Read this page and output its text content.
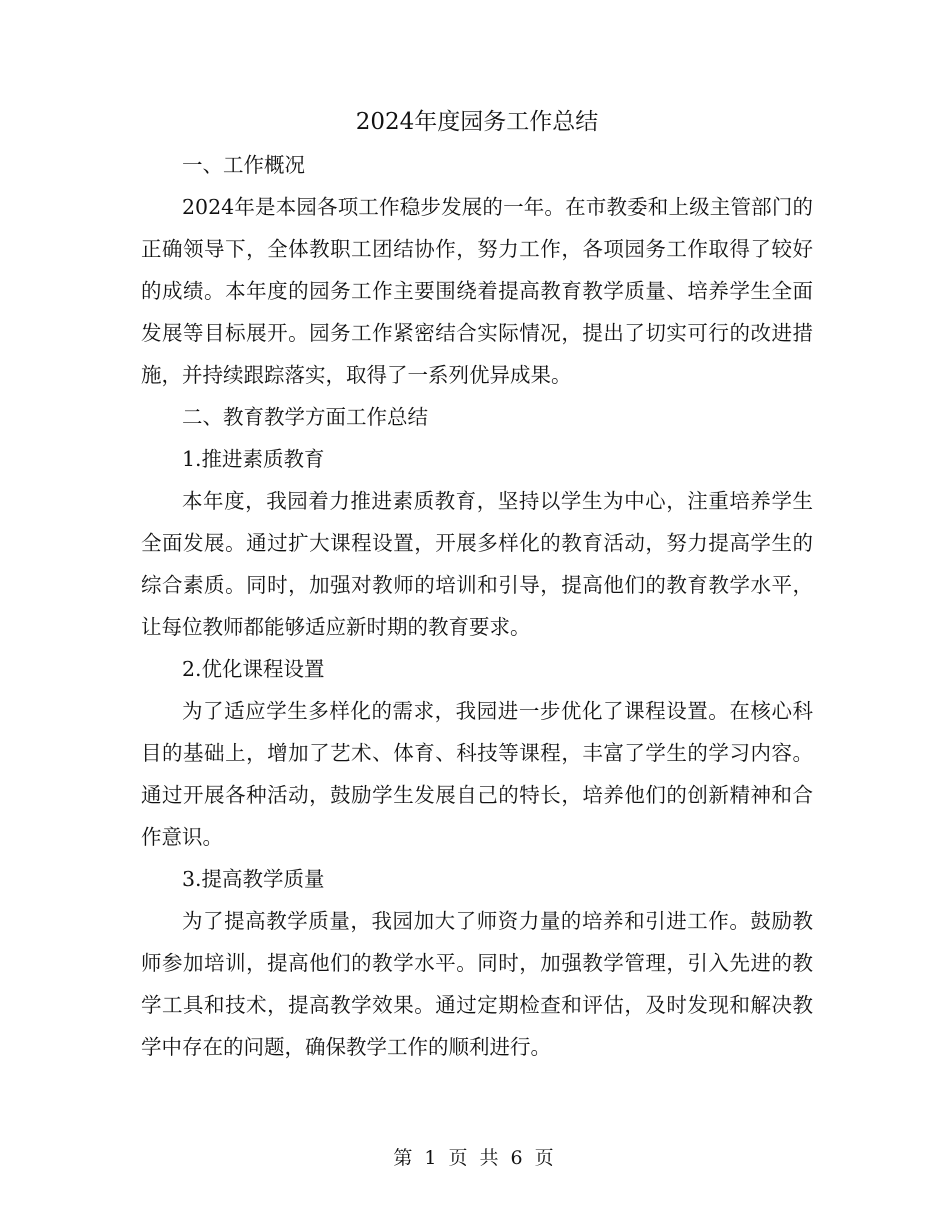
2024年度园务工作总结

一、工作概况

2024年是本园各项工作稳步发展的一年。在市教委和上级主管部门的正确领导下，全体教职工团结协作，努力工作，各项园务工作取得了较好的成绩。本年度的园务工作主要围绕着提高教育教学质量、培养学生全面发展等目标展开。园务工作紧密结合实际情况，提出了切实可行的改进措施，并持续跟踪落实，取得了一系列优异成果。

二、教育教学方面工作总结

1.推进素质教育

本年度，我园着力推进素质教育，坚持以学生为中心，注重培养学生全面发展。通过扩大课程设置，开展多样化的教育活动，努力提高学生的综合素质。同时，加强对教师的培训和引导，提高他们的教育教学水平，让每位教师都能够适应新时期的教育要求。

2.优化课程设置

为了适应学生多样化的需求，我园进一步优化了课程设置。在核心科目的基础上，增加了艺术、体育、科技等课程，丰富了学生的学习内容。通过开展各种活动，鼓励学生发展自己的特长，培养他们的创新精神和合作意识。

3.提高教学质量

为了提高教学质量，我园加大了师资力量的培养和引进工作。鼓励教师参加培训，提高他们的教学水平。同时，加强教学管理，引入先进的教学工具和技术，提高教学效果。通过定期检查和评估，及时发现和解决教学中存在的问题，确保教学工作的顺利进行。

第 1 页 共 6 页
